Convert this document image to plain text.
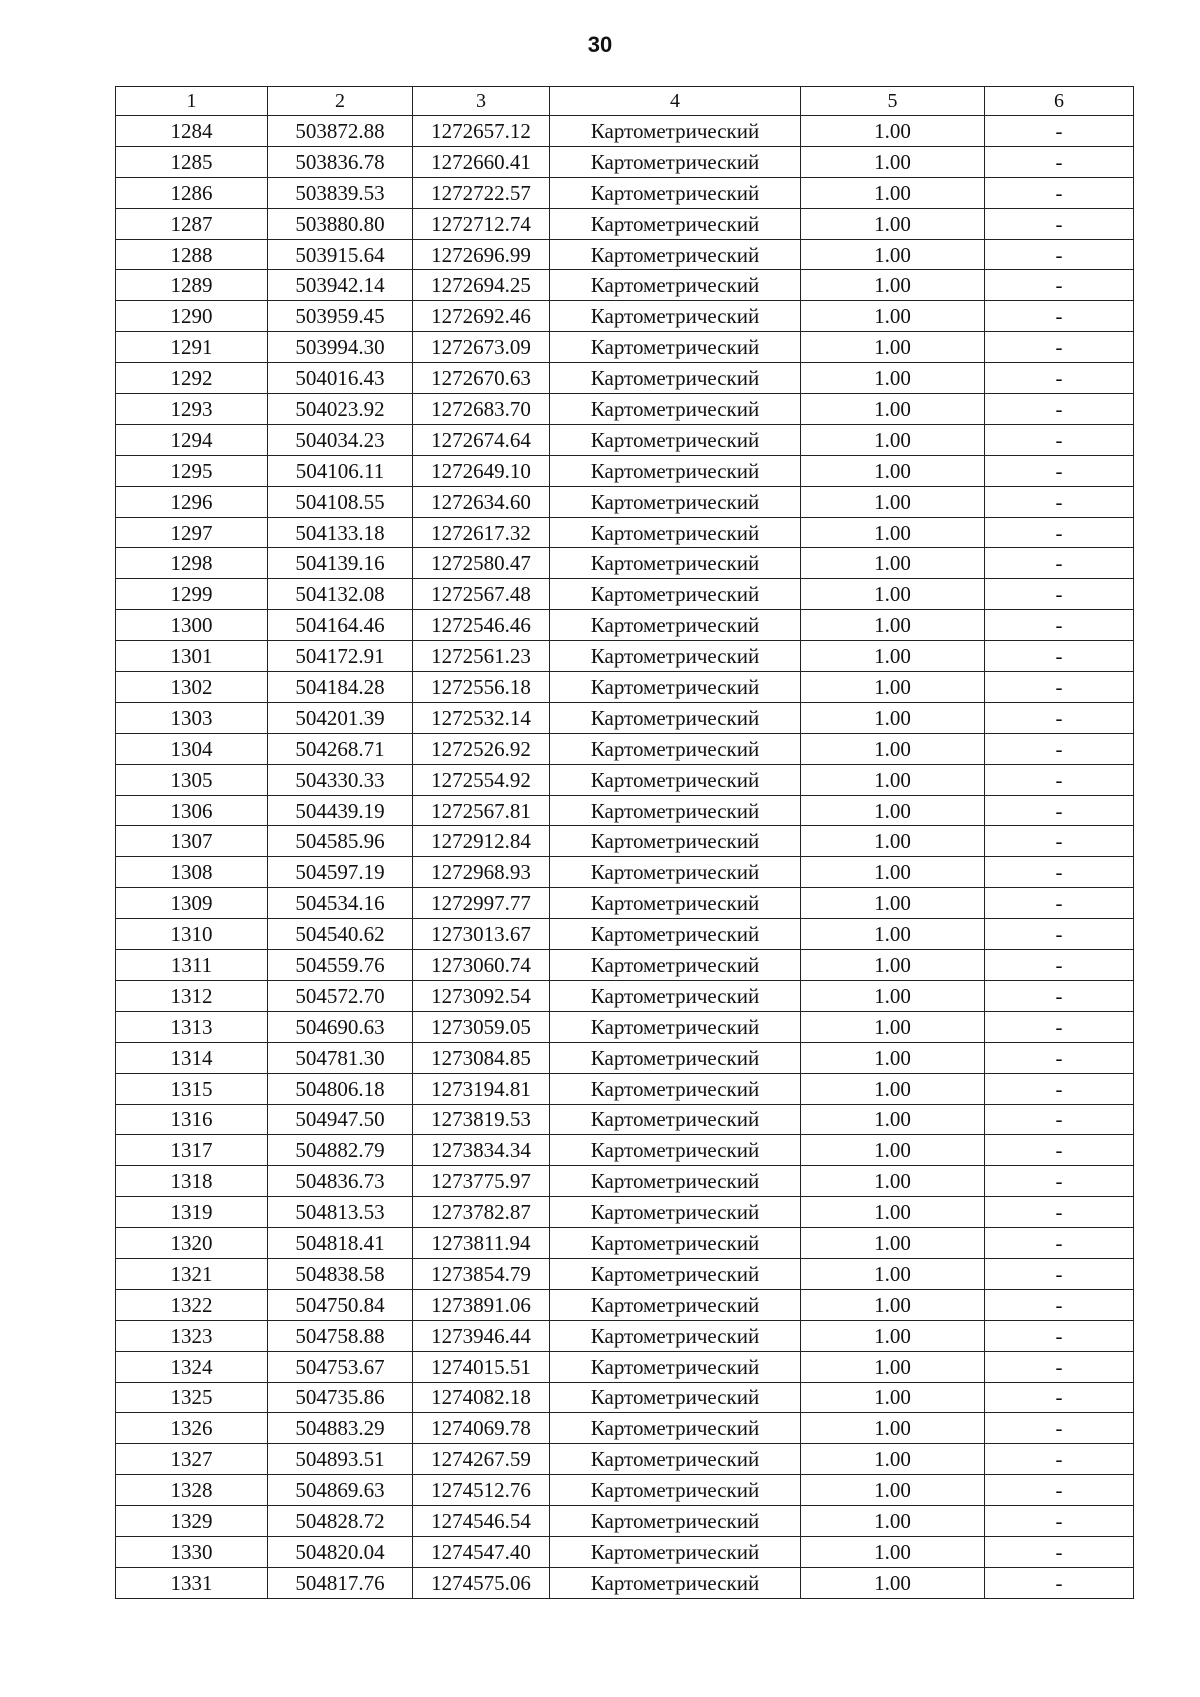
30
1	2	3	4	5	6
1284	503872.88	1272657.12	Картометрический	1.00	-
1285	503836.78	1272660.41	Картометрический	1.00	-
1286	503839.53	1272722.57	Картометрический	1.00	-
1287	503880.80	1272712.74	Картометрический	1.00	-
1288	503915.64	1272696.99	Картометрический	1.00	-
1289	503942.14	1272694.25	Картометрический	1.00	-
1290	503959.45	1272692.46	Картометрический	1.00	-
1291	503994.30	1272673.09	Картометрический	1.00	-
1292	504016.43	1272670.63	Картометрический	1.00	-
1293	504023.92	1272683.70	Картометрический	1.00	-
1294	504034.23	1272674.64	Картометрический	1.00	-
1295	504106.11	1272649.10	Картометрический	1.00	-
1296	504108.55	1272634.60	Картометрический	1.00	-
1297	504133.18	1272617.32	Картометрический	1.00	-
1298	504139.16	1272580.47	Картометрический	1.00	-
1299	504132.08	1272567.48	Картометрический	1.00	-
1300	504164.46	1272546.46	Картометрический	1.00	-
1301	504172.91	1272561.23	Картометрический	1.00	-
1302	504184.28	1272556.18	Картометрический	1.00	-
1303	504201.39	1272532.14	Картометрический	1.00	-
1304	504268.71	1272526.92	Картометрический	1.00	-
1305	504330.33	1272554.92	Картометрический	1.00	-
1306	504439.19	1272567.81	Картометрический	1.00	-
1307	504585.96	1272912.84	Картометрический	1.00	-
1308	504597.19	1272968.93	Картометрический	1.00	-
1309	504534.16	1272997.77	Картометрический	1.00	-
1310	504540.62	1273013.67	Картометрический	1.00	-
1311	504559.76	1273060.74	Картометрический	1.00	-
1312	504572.70	1273092.54	Картометрический	1.00	-
1313	504690.63	1273059.05	Картометрический	1.00	-
1314	504781.30	1273084.85	Картометрический	1.00	-
1315	504806.18	1273194.81	Картометрический	1.00	-
1316	504947.50	1273819.53	Картометрический	1.00	-
1317	504882.79	1273834.34	Картометрический	1.00	-
1318	504836.73	1273775.97	Картометрический	1.00	-
1319	504813.53	1273782.87	Картометрический	1.00	-
1320	504818.41	1273811.94	Картометрический	1.00	-
1321	504838.58	1273854.79	Картометрический	1.00	-
1322	504750.84	1273891.06	Картометрический	1.00	-
1323	504758.88	1273946.44	Картометрический	1.00	-
1324	504753.67	1274015.51	Картометрический	1.00	-
1325	504735.86	1274082.18	Картометрический	1.00	-
1326	504883.29	1274069.78	Картометрический	1.00	-
1327	504893.51	1274267.59	Картометрический	1.00	-
1328	504869.63	1274512.76	Картометрический	1.00	-
1329	504828.72	1274546.54	Картометрический	1.00	-
1330	504820.04	1274547.40	Картометрический	1.00	-
1331	504817.76	1274575.06	Картометрический	1.00	-
